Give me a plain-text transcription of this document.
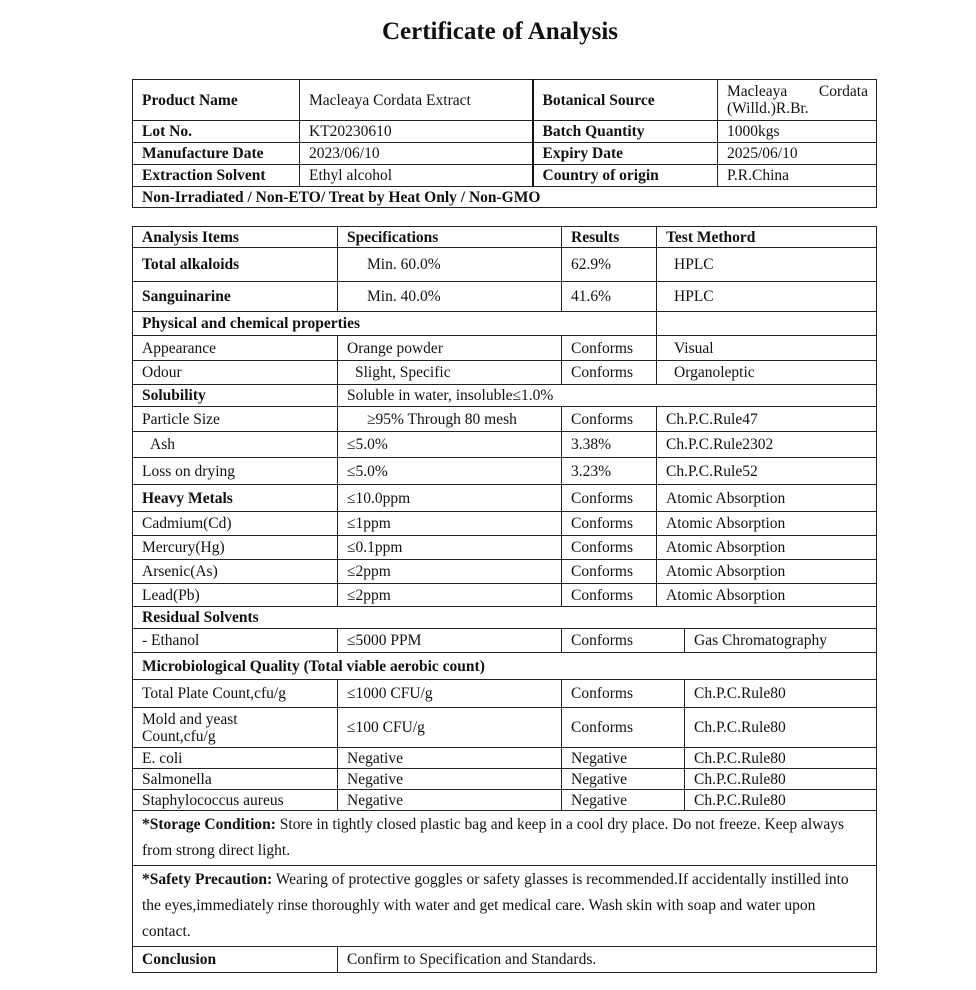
Certificate of Analysis
Product Name	Macleaya Cordata Extract	Botanical Source	Macleaya Cordata (Willd.)R.Br.
Lot No.	KT20230610	Batch Quantity	1000kgs
Manufacture Date	2023/06/10	Expiry Date	2025/06/10
Extraction Solvent	Ethyl alcohol	Country of origin	P.R.China
Non-Irradiated / Non-ETO/ Treat by Heat Only / Non-GMO			
Analysis Items	Specifications	Results	Test Methord	
Total alkaloids	Min. 60.0%	62.9%	HPLC	
Sanguinarine	Min. 40.0%	41.6%	HPLC	
Physical and chemical properties				
Appearance	Orange powder	Conforms	Visual	
Odour	Slight, Specific	Conforms	Organoleptic	
Solubility	Soluble in water, insoluble≤1.0%			
Particle Size	≥95% Through 80 mesh	Conforms	Ch.P.C.Rule47	
Ash	≤5.0%	3.38%	Ch.P.C.Rule2302	
Loss on drying	≤5.0%	3.23%	Ch.P.C.Rule52	
Heavy Metals	≤10.0ppm	Conforms	Atomic Absorption	
Cadmium(Cd)	≤1ppm	Conforms	Atomic Absorption	
Mercury(Hg)	≤0.1ppm	Conforms	Atomic Absorption	
Arsenic(As)	≤2ppm	Conforms	Atomic Absorption	
Lead(Pb)	≤2ppm	Conforms	Atomic Absorption	
Residual Solvents				
- Ethanol	≤5000 PPM	Conforms		Gas Chromatography
Microbiological Quality (Total viable aerobic count)				
Total Plate Count,cfu/g	≤1000 CFU/g	Conforms		Ch.P.C.Rule80
Mold and yeast Count,cfu/g	≤100 CFU/g	Conforms		Ch.P.C.Rule80
E. coli	Negative	Negative		Ch.P.C.Rule80
Salmonella	Negative	Negative		Ch.P.C.Rule80
Staphylococcus aureus	Negative	Negative		Ch.P.C.Rule80
*Storage Condition: Store in tightly closed plastic bag and keep in a cool dry place. Do not freeze. Keep always from strong direct light.
*Safety Precaution: Wearing of protective goggles or safety glasses is recommended.If accidentally instilled into the eyes,immediately rinse thoroughly with water and get medical care. Wash skin with soap and water upon contact.
Conclusion	Confirm to Specification and Standards.
